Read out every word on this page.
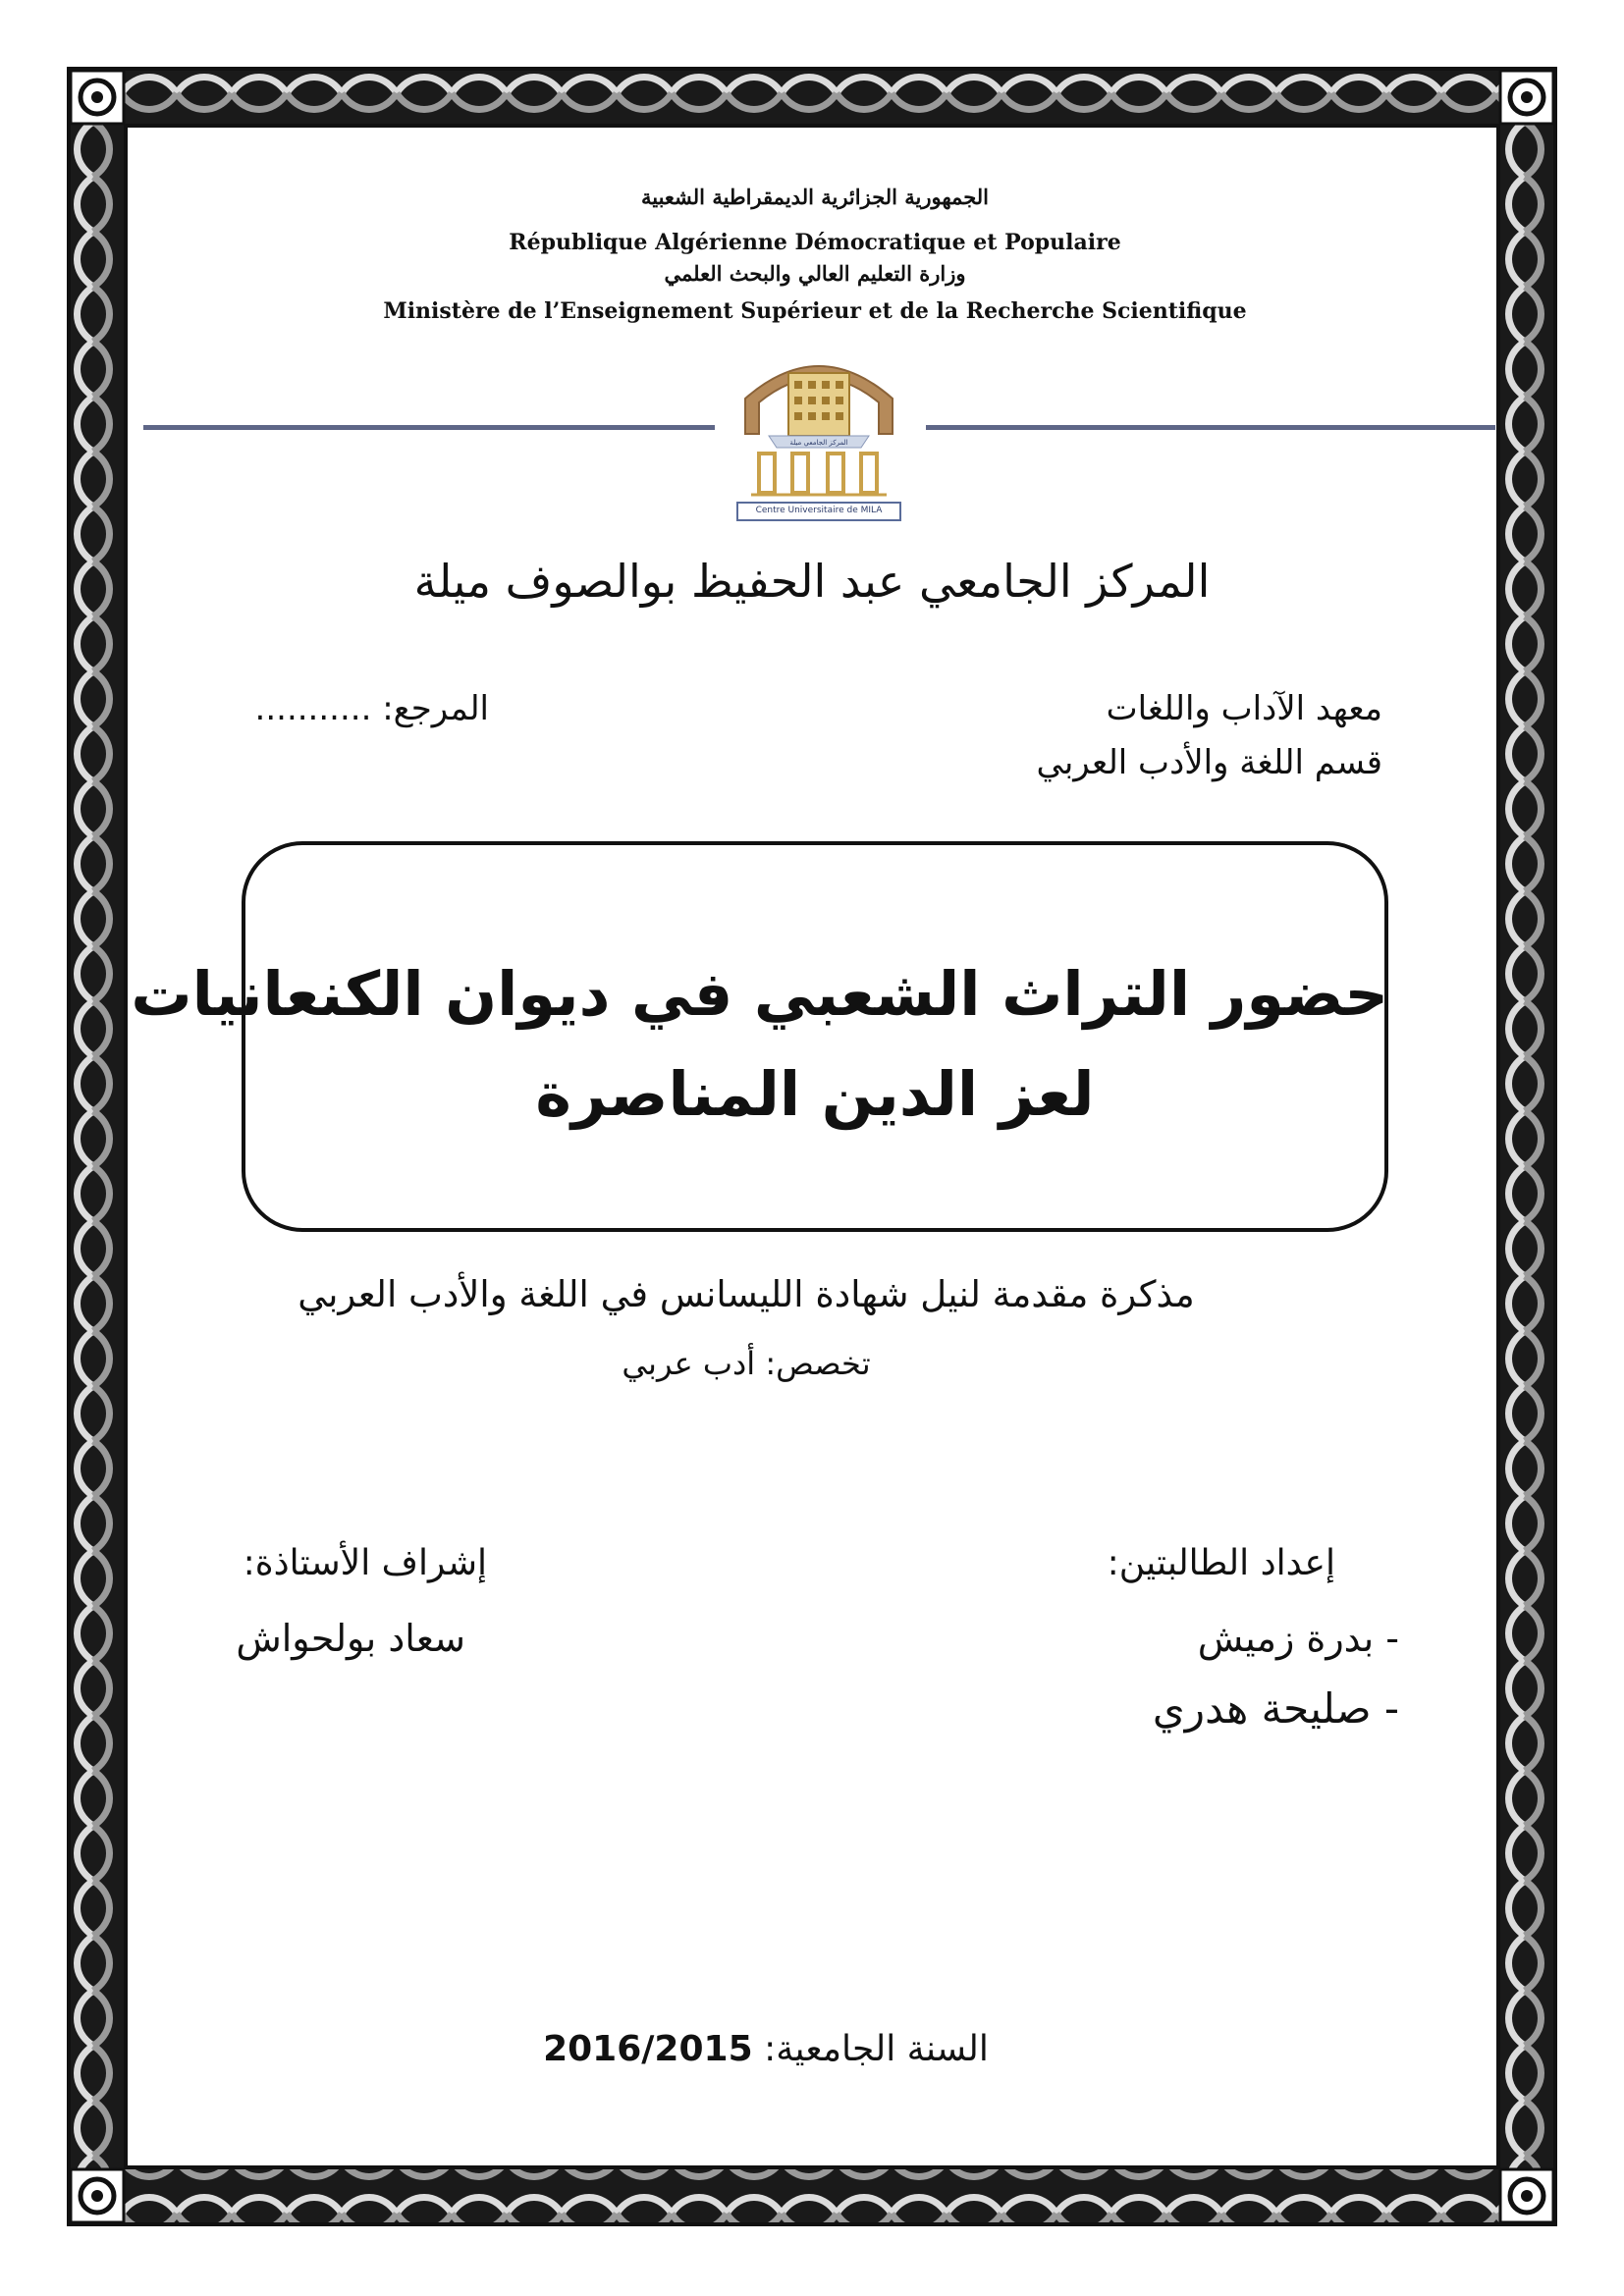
الجمهورية الجزائرية الديمقراطية الشعبية
République Algérienne Démocratique et Populaire
وزارة التعليم العالي والبحث العلمي
Ministère de l’Enseignement Supérieur et de la Recherche Scientifique
المركز الجامعي ميلة
Centre Universitaire de MILA
المركز الجامعي عبد الحفيظ بوالصوف ميلة
معهد الآداب واللغات
قسم اللغة والأدب العربي
المرجع: ...........
حضور التراث الشعبي في ديوان الكنعانيات
لعز الدين المناصرة
مذكرة مقدمة لنيل شهادة الليسانس في اللغة والأدب العربي
تخصص: أدب عربي
إعداد الطالبتين:
- بدرة زميش
- صليحة هدري
إشراف الأستاذة:
سعاد بولحواش
السنة الجامعية: 2016/2015
